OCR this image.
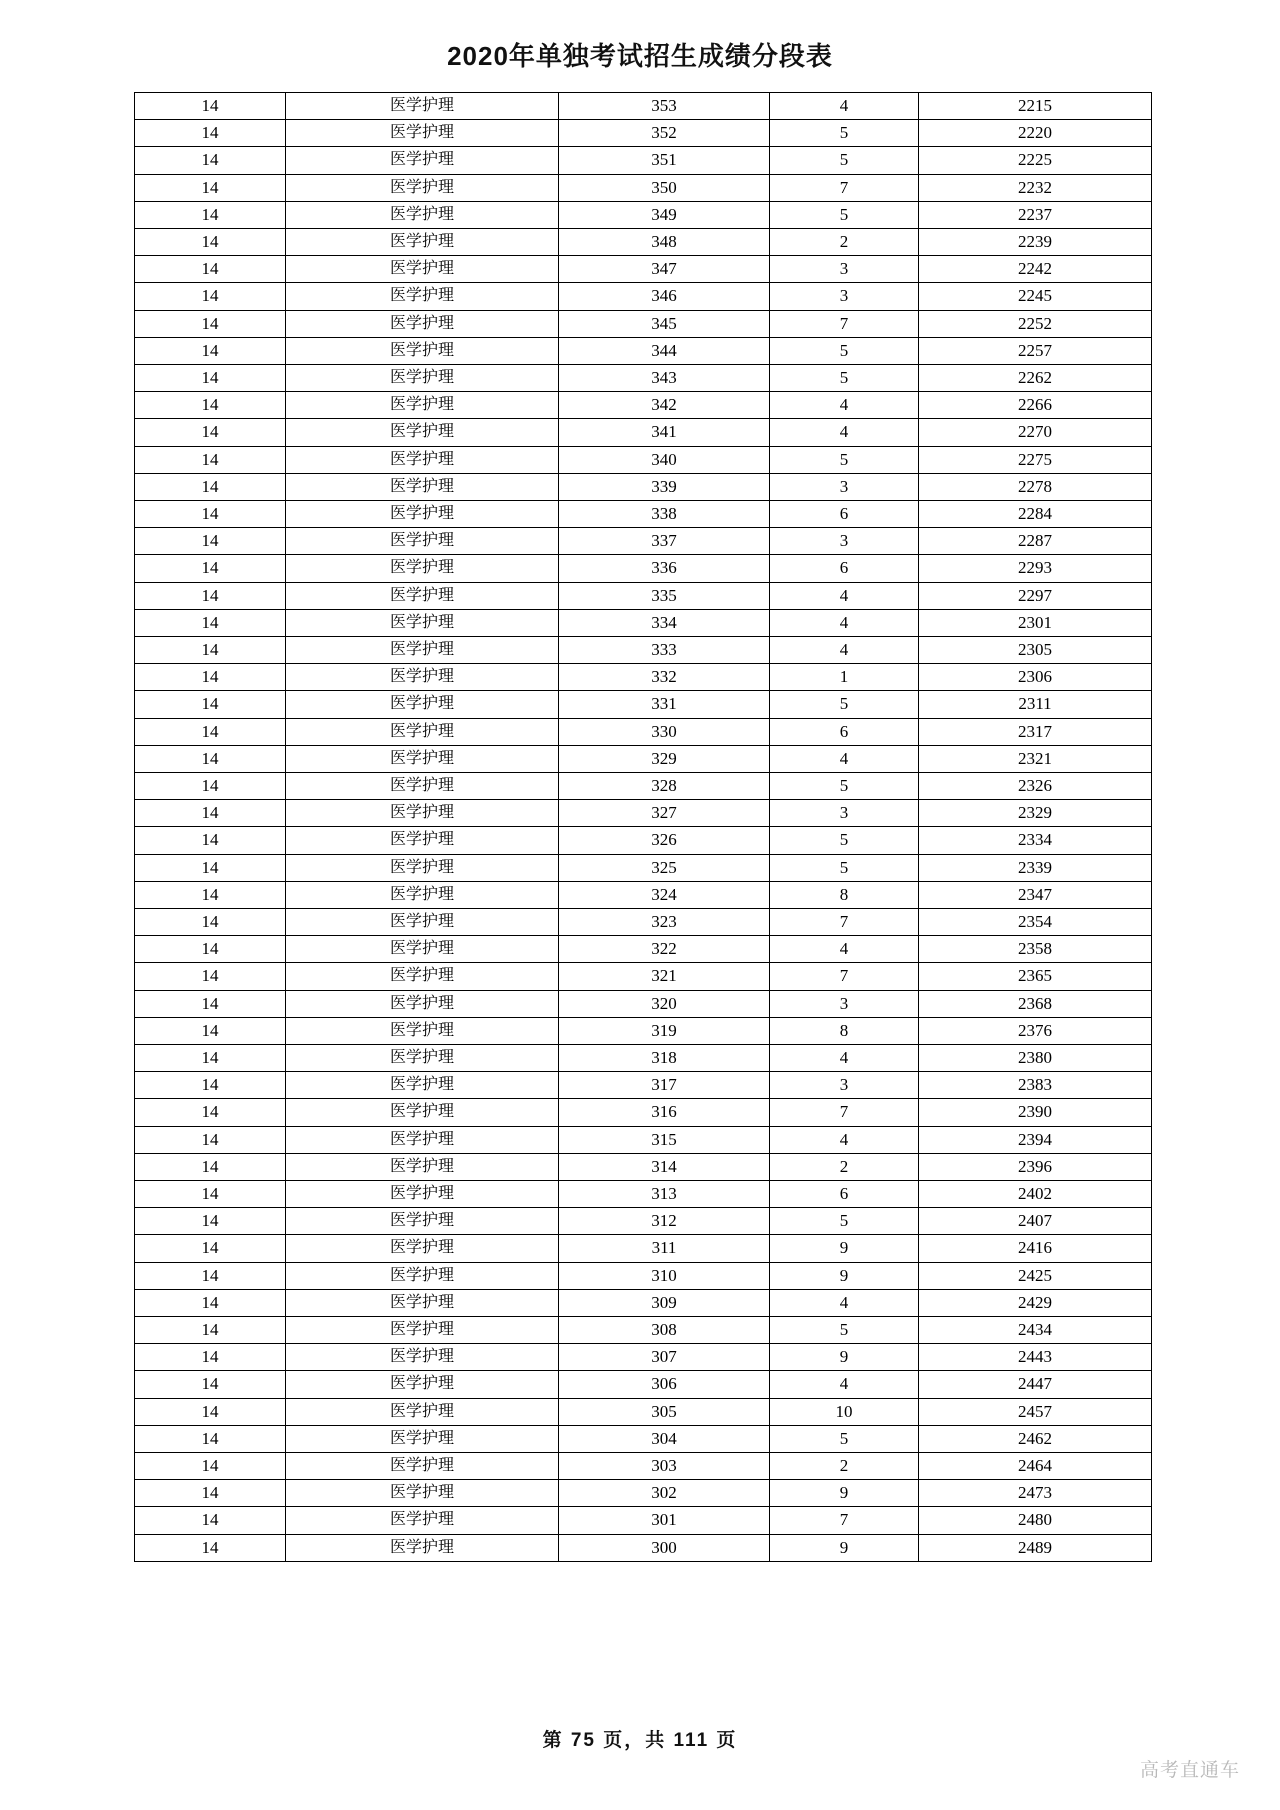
2020年单独考试招生成绩分段表
14	医学护理	353	4	2215
14	医学护理	352	5	2220
14	医学护理	351	5	2225
14	医学护理	350	7	2232
14	医学护理	349	5	2237
14	医学护理	348	2	2239
14	医学护理	347	3	2242
14	医学护理	346	3	2245
14	医学护理	345	7	2252
14	医学护理	344	5	2257
14	医学护理	343	5	2262
14	医学护理	342	4	2266
14	医学护理	341	4	2270
14	医学护理	340	5	2275
14	医学护理	339	3	2278
14	医学护理	338	6	2284
14	医学护理	337	3	2287
14	医学护理	336	6	2293
14	医学护理	335	4	2297
14	医学护理	334	4	2301
14	医学护理	333	4	2305
14	医学护理	332	1	2306
14	医学护理	331	5	2311
14	医学护理	330	6	2317
14	医学护理	329	4	2321
14	医学护理	328	5	2326
14	医学护理	327	3	2329
14	医学护理	326	5	2334
14	医学护理	325	5	2339
14	医学护理	324	8	2347
14	医学护理	323	7	2354
14	医学护理	322	4	2358
14	医学护理	321	7	2365
14	医学护理	320	3	2368
14	医学护理	319	8	2376
14	医学护理	318	4	2380
14	医学护理	317	3	2383
14	医学护理	316	7	2390
14	医学护理	315	4	2394
14	医学护理	314	2	2396
14	医学护理	313	6	2402
14	医学护理	312	5	2407
14	医学护理	311	9	2416
14	医学护理	310	9	2425
14	医学护理	309	4	2429
14	医学护理	308	5	2434
14	医学护理	307	9	2443
14	医学护理	306	4	2447
14	医学护理	305	10	2457
14	医学护理	304	5	2462
14	医学护理	303	2	2464
14	医学护理	302	9	2473
14	医学护理	301	7	2480
14	医学护理	300	9	2489
第 75 页，共 111 页
高考直通车
